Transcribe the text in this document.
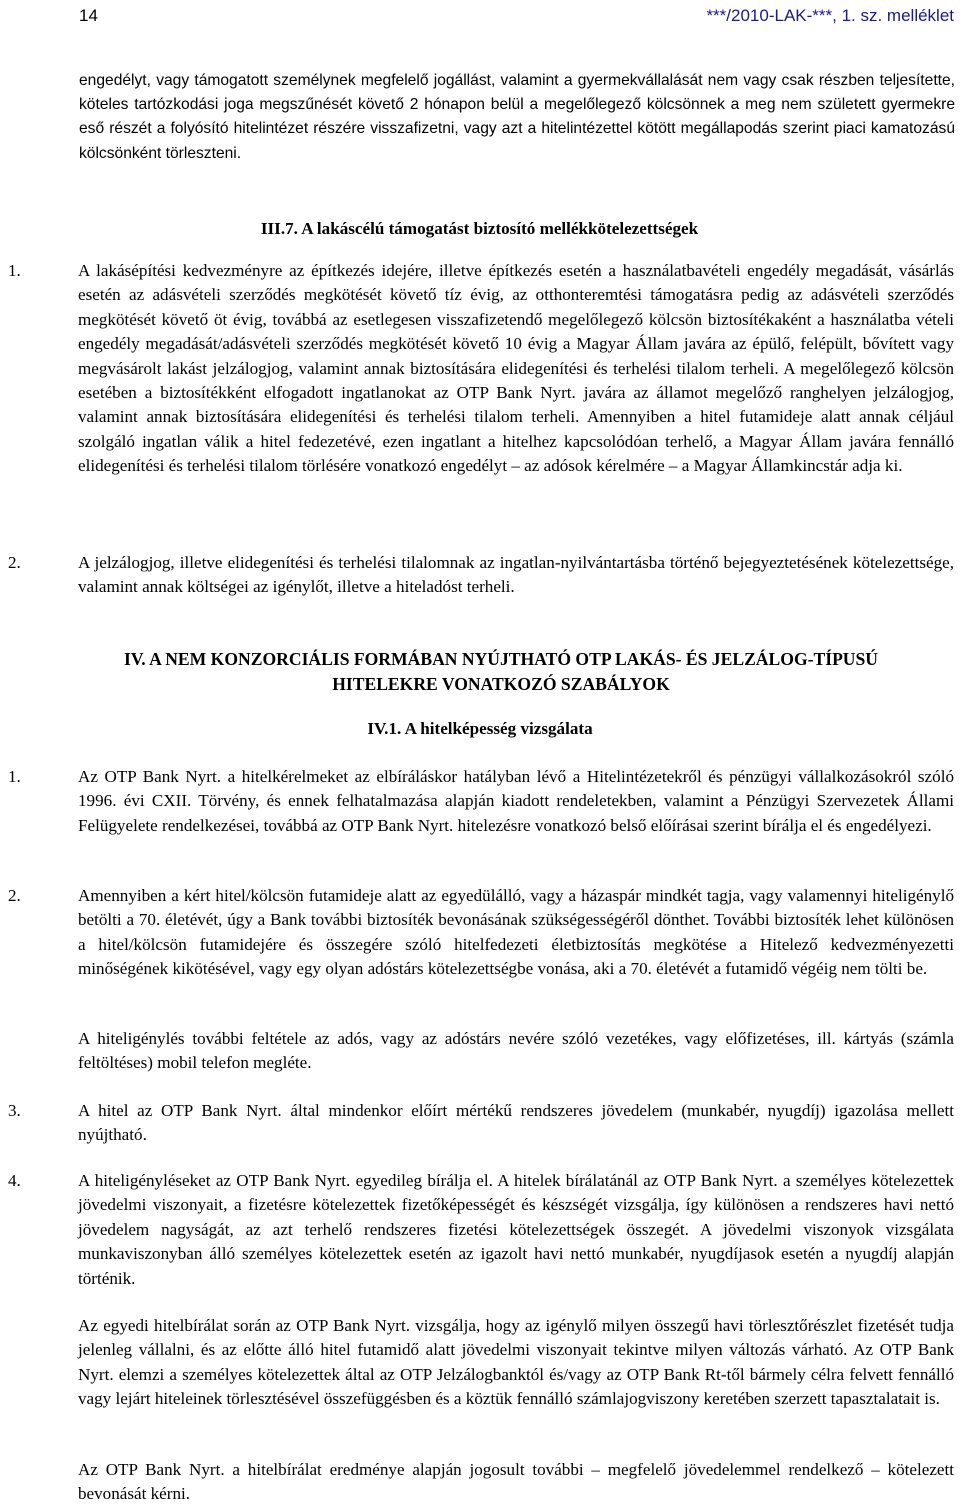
14	***/2010-LAK-***, 1. sz. melléklet
engedélyt, vagy támogatott személynek megfelelő jogállást, valamint a gyermekvállalását nem vagy csak részben teljesítette, köteles tartózkodási joga megszűnését követő 2 hónapon belül a megelőlegező kölcsönnek a meg nem született gyermekre eső részét a folyósító hitelintézet részére visszafizetni, vagy azt a hitelintézettel kötött megállapodás szerint piaci kamatozású kölcsönként törleszteni.
III.7. A lakáscélú támogatást biztosító mellékkötelezettségek
1.	A lakásépítési kedvezményre az építkezés idejére, illetve építkezés esetén a használatbavételi engedély megadását, vásárlás esetén az adásvételi szerződés megkötését követő tíz évig, az otthonteremtési támogatásra pedig az adásvételi szerződés megkötését követő öt évig, továbbá az esetlegesen visszafizetendő megelőlegező kölcsön biztosítékaként a használatba vételi engedély megadását/adásvételi szerződés megkötését követő 10 évig a Magyar Állam javára az épülő, felépült, bővített vagy megvásárolt lakást jelzálogjog, valamint annak biztosítására elidegenítési és terhelési tilalom terheli. A megelőlegező kölcsön esetében a biztosítékként elfogadott ingatlanokat az OTP Bank Nyrt. javára az államot megelőző ranghelyen jelzálogjog, valamint annak biztosítására elidegenítési és terhelési tilalom terheli. Amennyiben a hitel futamideje alatt annak céljául szolgáló ingatlan válik a hitel fedezetévé, ezen ingatlant a hitelhez kapcsolódóan terhelő, a Magyar Állam javára fennálló elidegenítési és terhelési tilalom törlésére vonatkozó engedélyt – az adósok kérelmére – a Magyar Államkincstár adja ki.
2.	A jelzálogjog, illetve elidegenítési és terhelési tilalomnak az ingatlan-nyilvántartásba történő bejegyeztetésének kötelezettsége, valamint annak költségei az igénylőt, illetve a hiteladóst terheli.
IV. A NEM KONZORCIÁLIS FORMÁBAN NYÚJTHATÓ OTP LAKÁS- ÉS JELZÁLOG-TÍPUSÚ
HITELEKRE VONATKOZÓ SZABÁLYOK
IV.1. A hitelképesség vizsgálata
1.	Az OTP Bank Nyrt. a hitelkérelmeket az elbíráláskor hatályban lévő a Hitelintézetekről és pénzügyi vállalkozásokról szóló 1996. évi CXII. Törvény, és ennek felhatalmazása alapján kiadott rendeletekben, valamint a Pénzügyi Szervezetek Állami Felügyelete rendelkezései, továbbá az OTP Bank Nyrt. hitelezésre vonatkozó belső előírásai szerint bírálja el és engedélyezi.
2.	Amennyiben a kért hitel/kölcsön futamideje alatt az egyedülálló, vagy a házaspár mindkét tagja, vagy valamennyi hiteligénylő betölti a 70. életévét, úgy a Bank további biztosíték bevonásának szükségességéről dönthet. További biztosíték lehet különösen a hitel/kölcsön futamidejére és összegére szóló hitelfedezeti életbiztosítás megkötése a Hitelező kedvezményezetti minőségének kikötésével, vagy egy olyan adóstárs kötelezettségbe vonása, aki a 70. életévét a futamidő végéig nem tölti be.
A hiteligénylés további feltétele az adós, vagy az adóstárs nevére szóló vezetékes, vagy előfizetéses, ill. kártyás (számla feltöltéses) mobil telefon megléte.
3.	A hitel az OTP Bank Nyrt. által mindenkor előírt mértékű rendszeres jövedelem (munkabér, nyugdíj) igazolása mellett nyújtható.
4.	A hiteligényléseket az OTP Bank Nyrt. egyedileg bírálja el. A hitelek bírálatánál az OTP Bank Nyrt. a személyes kötelezettek jövedelmi viszonyait, a fizetésre kötelezettek fizetőképességét és készségét vizsgálja, így különösen a rendszeres havi nettó jövedelem nagyságát, az azt terhelő rendszeres fizetési kötelezettségek összegét. A jövedelmi viszonyok vizsgálata munkaviszonyban álló személyes kötelezettek esetén az igazolt havi nettó munkabér, nyugdíjasok esetén a nyugdíj alapján történik.
Az egyedi hitelbírálat során az OTP Bank Nyrt. vizsgálja, hogy az igénylő milyen összegű havi törlesztőrészlet fizetését tudja jelenleg vállalni, és az előtte álló hitel futamidő alatt jövedelmi viszonyait tekintve milyen változás várható. Az OTP Bank Nyrt. elemzi a személyes kötelezettek által az OTP Jelzálogbanktól és/vagy az OTP Bank Rt-től bármely célra felvett fennálló vagy lejárt hiteleinek törlesztésével összefüggésben és a köztük fennálló számlajogviszony keretében szerzett tapasztalatait is.
Az OTP Bank Nyrt. a hitelbírálat eredménye alapján jogosult további – megfelelő jövedelemmel rendelkező – kötelezett bevonását kérni.
